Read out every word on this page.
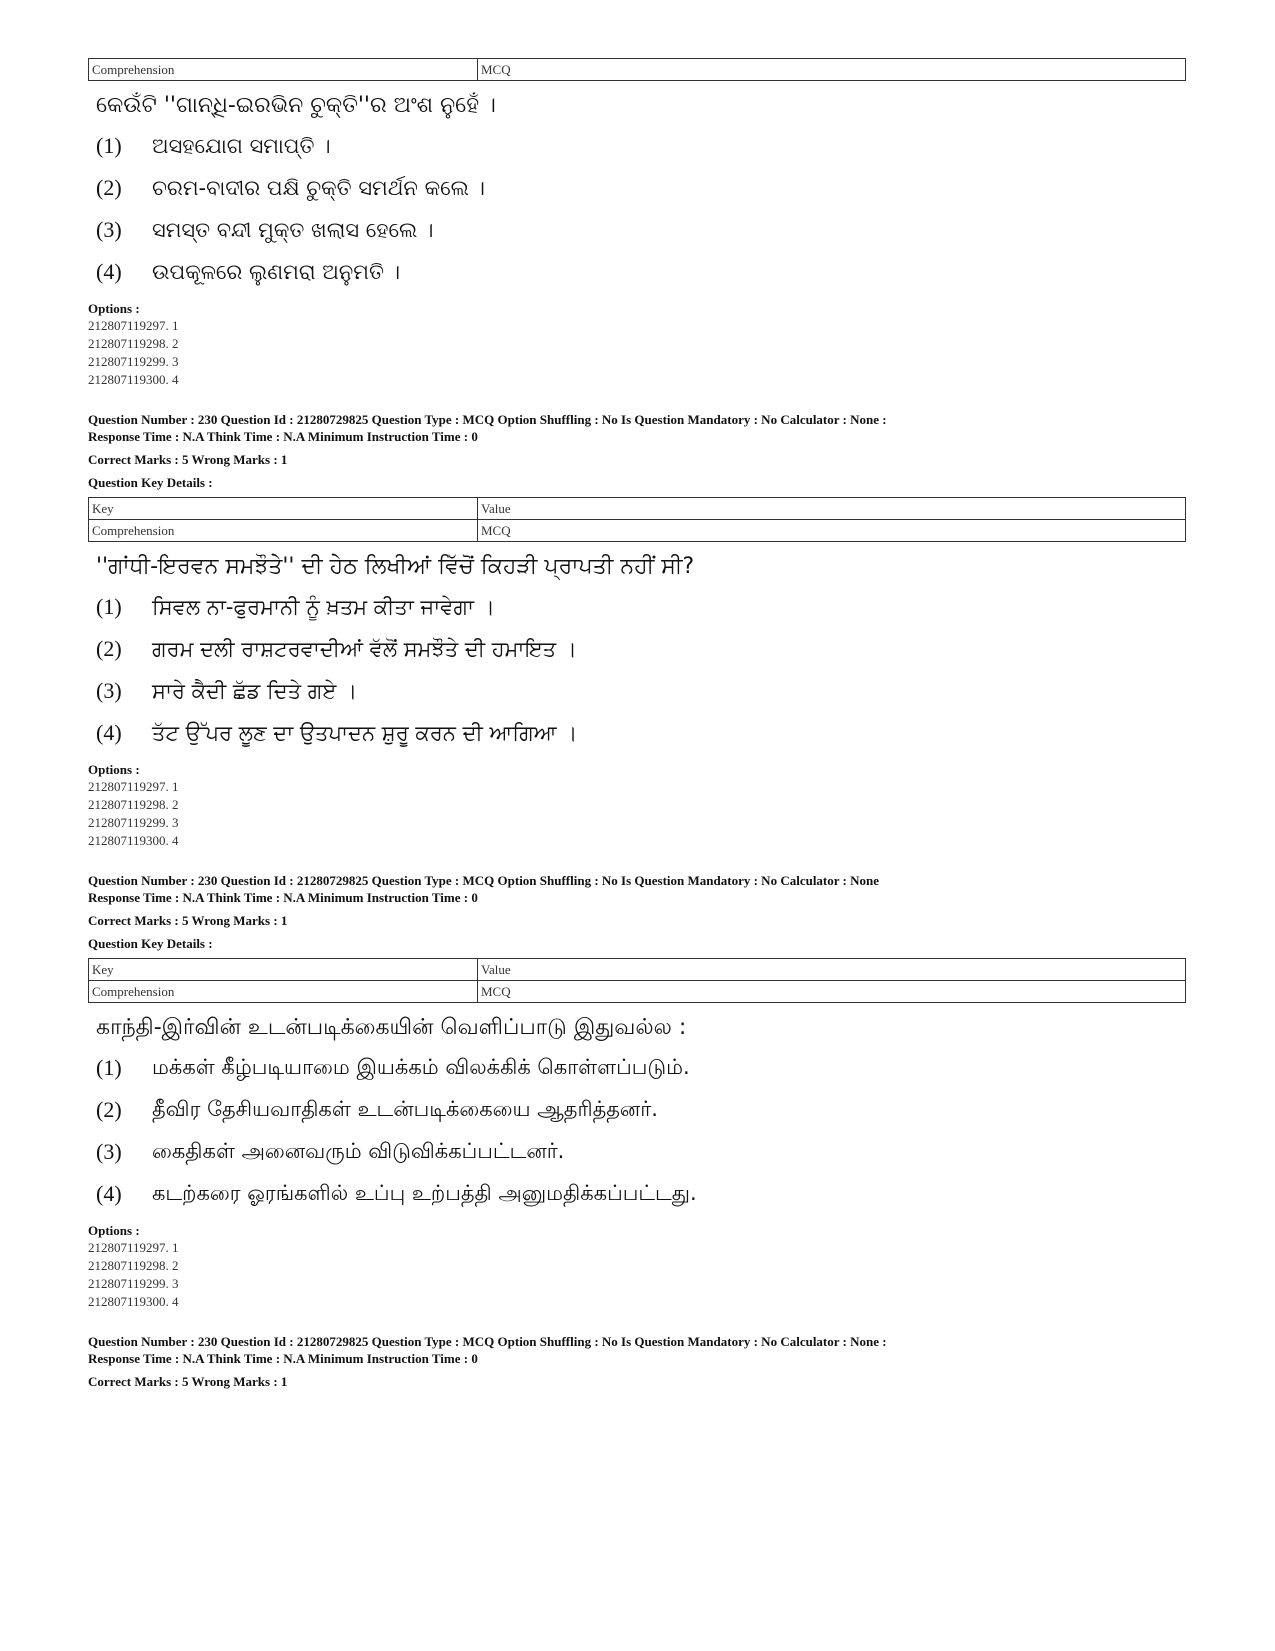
Comprehension	MCQ
କେଉଁଟି ''ଗାନ୍ଧି-ଇରଭିନ ଚୁକ୍ତି''ର ଅଂଶ ନୁହେଁ ।
(1)	ଅସହଯୋଗ ସମାପ୍ତି ।
(2)	ଚରମ-ବାଦୀର ପକ୍ଷି ଚୁକ୍ତି ସମର୍ଥନ କଲେ ।
(3)	ସମସ୍ତ ବନ୍ଦୀ ମୁକ୍ତ ଖଲାସ ହେଲେ ।
(4)	ଉପକୂଳରେ ଲୁଣମରା ଅନୁମତି ।
Options :
212807119297. 1
212807119298. 2
212807119299. 3
212807119300. 4
Question Number : 230 Question Id : 21280729825 Question Type : MCQ Option Shuffling : No Is Question Mandatory : No Calculator : None :
Response Time : N.A Think Time : N.A Minimum Instruction Time : 0
Correct Marks : 5 Wrong Marks : 1
Question Key Details :
Key	Value
Comprehension	MCQ
''ਗਾਂਧੀ-ਇਰਵਨ ਸਮਝੌਤੇ'' ਦੀ ਹੇਠ ਲਿਖੀਆਂ ਵਿੱਚੋਂ ਕਿਹੜੀ ਪ੍ਰਾਪਤੀ ਨਹੀਂ ਸੀ?
(1)	ਸਿਵਲ ਨਾ-ਫੁਰਮਾਨੀ ਨੂੰ ਖ਼ਤਮ ਕੀਤਾ ਜਾਵੇਗਾ ।
(2)	ਗਰਮ ਦਲੀ ਰਾਸ਼ਟਰਵਾਦੀਆਂ ਵੱਲੋਂ ਸਮਝੌਤੇ ਦੀ ਹਮਾਇਤ ।
(3)	ਸਾਰੇ ਕੈਦੀ ਛੱਡ ਦਿਤੇ ਗਏ ।
(4)	ਤੱਟ ਉੱਪਰ ਲੂਣ ਦਾ ਉਤਪਾਦਨ ਸ਼ੁਰੂ ਕਰਨ ਦੀ ਆਗਿਆ ।
Options :
212807119297. 1
212807119298. 2
212807119299. 3
212807119300. 4
Question Number : 230 Question Id : 21280729825 Question Type : MCQ Option Shuffling : No Is Question Mandatory : No Calculator : None
Response Time : N.A Think Time : N.A Minimum Instruction Time : 0
Correct Marks : 5 Wrong Marks : 1
Question Key Details :
Key	Value
Comprehension	MCQ
காந்தி-இர்வின் உடன்படிக்கையின் வெளிப்பாடு இதுவல்ல :
(1)	மக்கள் கீழ்படியாமை இயக்கம் விலக்கிக் கொள்ளப்படும்.
(2)	தீவிர தேசியவாதிகள் உடன்படிக்கையை ஆதரித்தனர்.
(3)	கைதிகள் அனைவரும் விடுவிக்கப்பட்டனர்.
(4)	கடற்கரை ஓரங்களில் உப்பு உற்பத்தி அனுமதிக்கப்பட்டது.
Options :
212807119297. 1
212807119298. 2
212807119299. 3
212807119300. 4
Question Number : 230 Question Id : 21280729825 Question Type : MCQ Option Shuffling : No Is Question Mandatory : No Calculator : None :
Response Time : N.A Think Time : N.A Minimum Instruction Time : 0
Correct Marks : 5 Wrong Marks : 1
